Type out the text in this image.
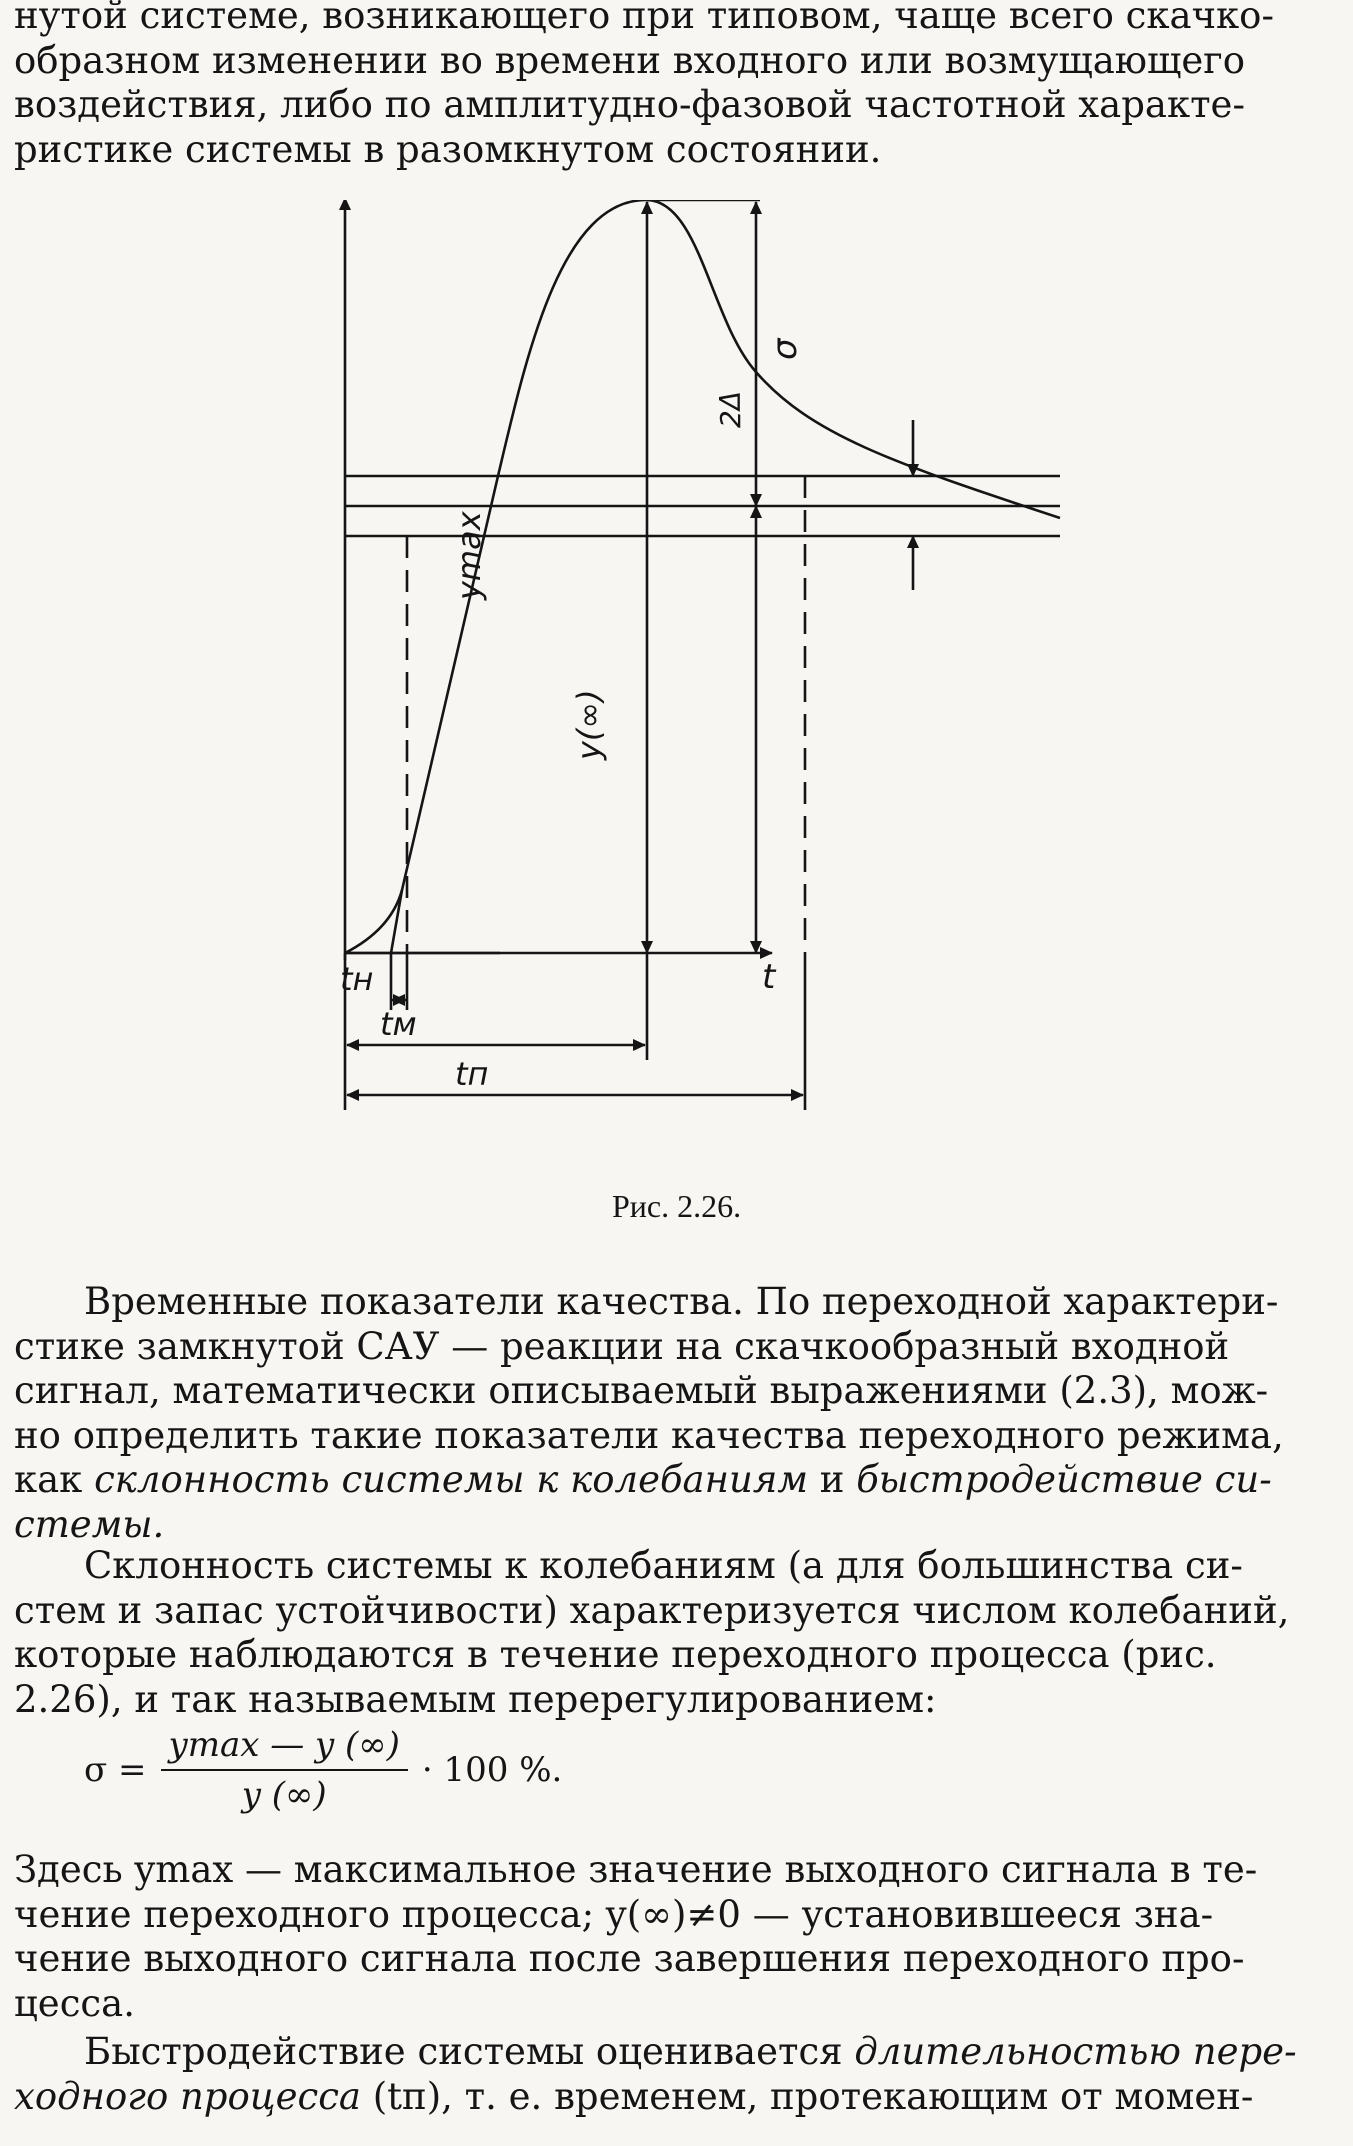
нутой системе, возникающего при типовом, чаще всего скачко-
образном изменении во времени входного или возмущающего
воздействия, либо по амплитудно-фазовой частотной характе-
ристике системы в разомкнутом состоянии.

t
σ
2Δ
ymax
y(∞)
tн
tм
tп
Рис. 2.26.

Временные показатели качества. По переходной характери-
стике замкнутой САУ — реакции на скачкообразный входной
сигнал, математически описываемый выражениями (2.3), мож-
но определить такие показатели качества переходного режима,
как склонность системы к колебаниям и быстродействие си-
стемы.

Склонность системы к колебаниям (а для большинства си-
стем и запас устойчивости) характеризуется числом колебаний,
которые наблюдаются в течение переходного процесса (рис.
2.26), и так называемым перерегулированием:

$\sigma = \frac{ymax — y (\infty)}{y (\infty)} \cdot 100$ %.

Здесь ymax — максимальное значение выходного сигнала в те-
чение переходного процесса; y(∞)≠0 — установившееся зна-
чение выходного сигнала после завершения переходного про-
цесса.

Быстродействие системы оценивается длительностью пере-
ходного процесса (tп), т. е. временем, протекающим от момен-
